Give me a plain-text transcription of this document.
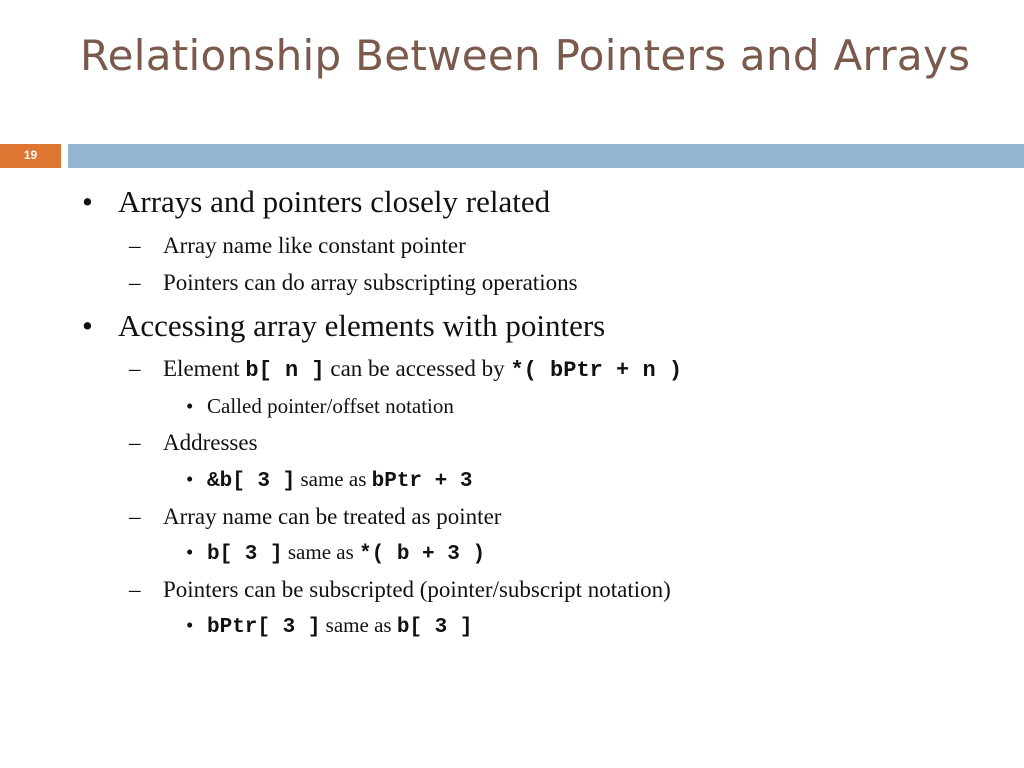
Relationship Between Pointers and Arrays
19
• Arrays and pointers closely related
– Array name like constant pointer
– Pointers can do array subscripting operations
• Accessing array elements with pointers
– Element b[ n ] can be accessed by *( bPtr + n )
• Called pointer/offset notation
– Addresses
• &b[ 3 ] same as bPtr + 3
– Array name can be treated as pointer
• b[ 3 ] same as *( b + 3 )
– Pointers can be subscripted (pointer/subscript notation)
• bPtr[ 3 ] same as b[ 3 ]
